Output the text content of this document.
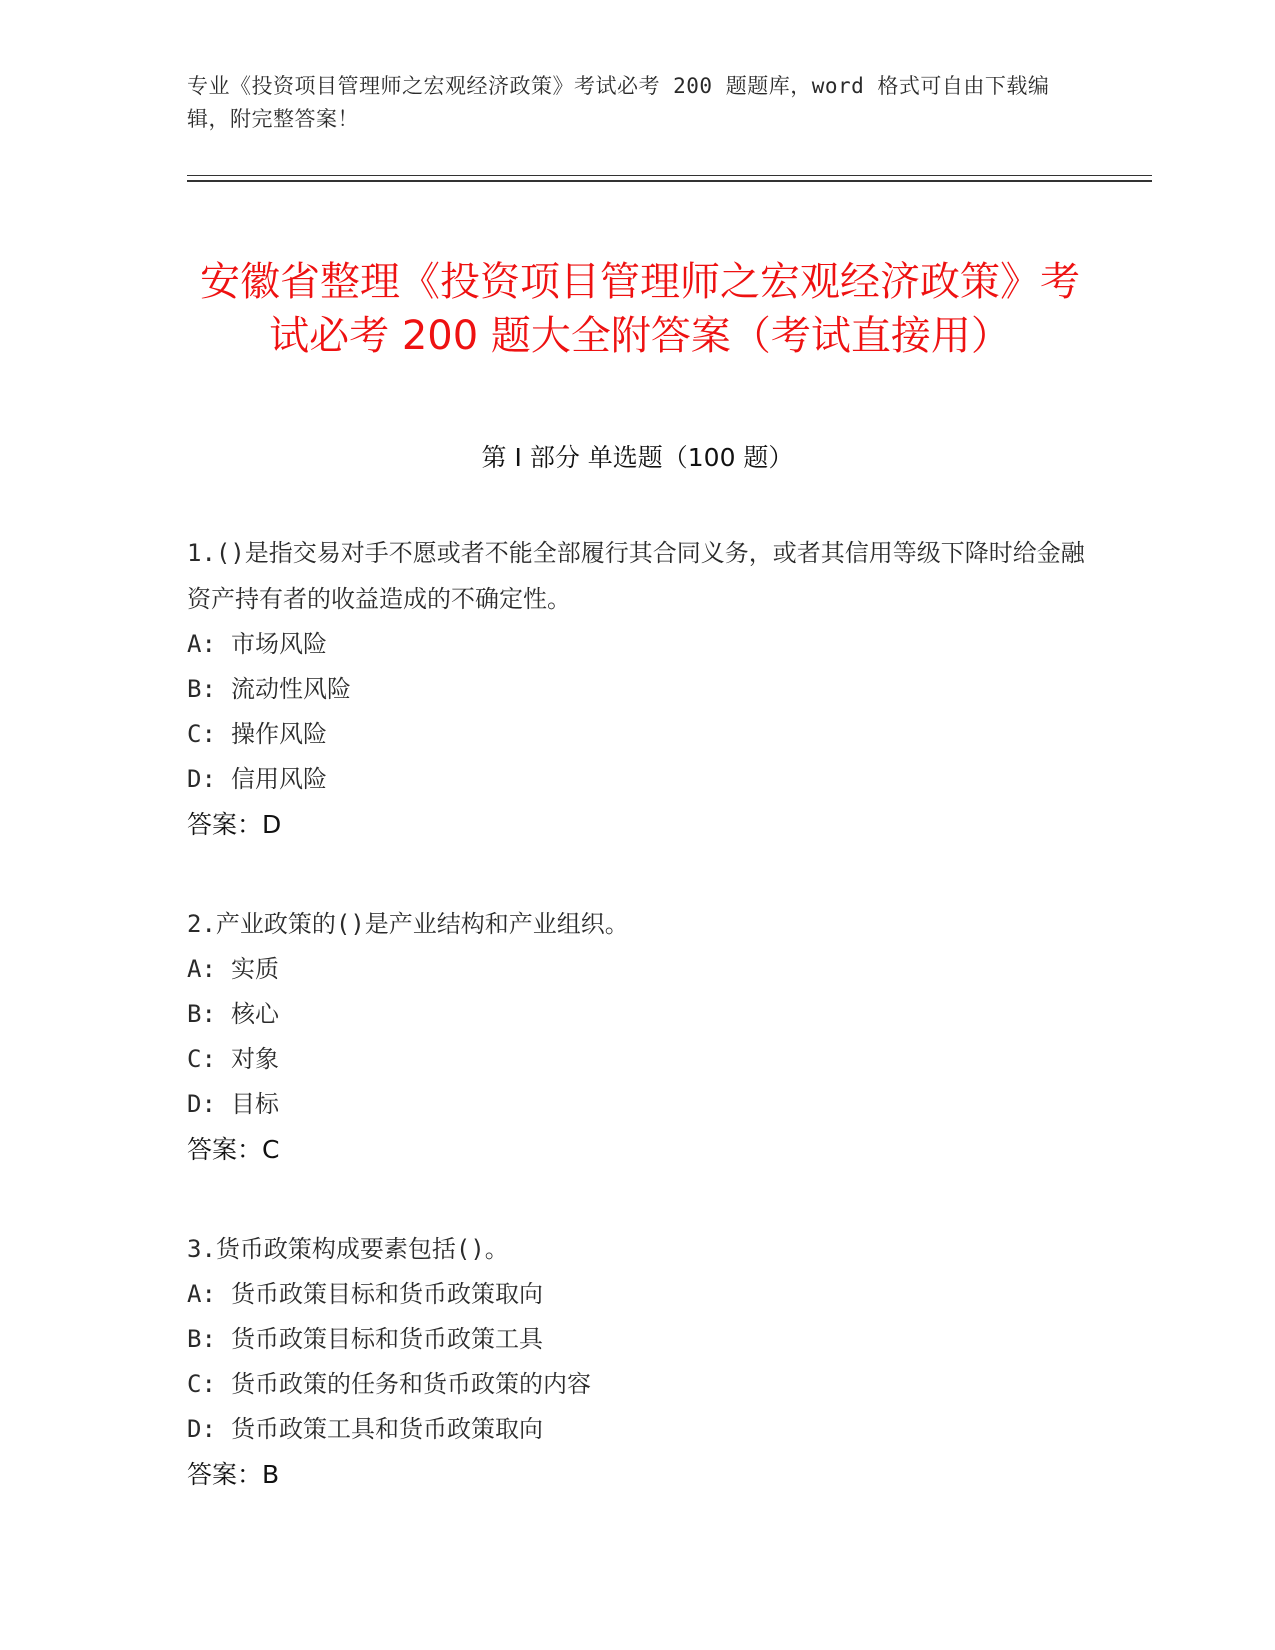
专业《投资项目管理师之宏观经济政策》考试必考 200 题题库，word 格式可自由下载编辑，附完整答案！
安徽省整理《投资项目管理师之宏观经济政策》考试必考 200 题大全附答案（考试直接用）
第 I 部分 单选题（100 题）

1.()是指交易对手不愿或者不能全部履行其合同义务，或者其信用等级下降时给金融资产持有者的收益造成的不确定性。

A: 市场风险
B: 流动性风险
C: 操作风险
D: 信用风险
答案：D

2.产业政策的()是产业结构和产业组织。

A: 实质
B: 核心
C: 对象
D: 目标
答案：C

3.货币政策构成要素包括()。

A: 货币政策目标和货币政策取向
B: 货币政策目标和货币政策工具
C: 货币政策的任务和货币政策的内容
D: 货币政策工具和货币政策取向
答案：B
